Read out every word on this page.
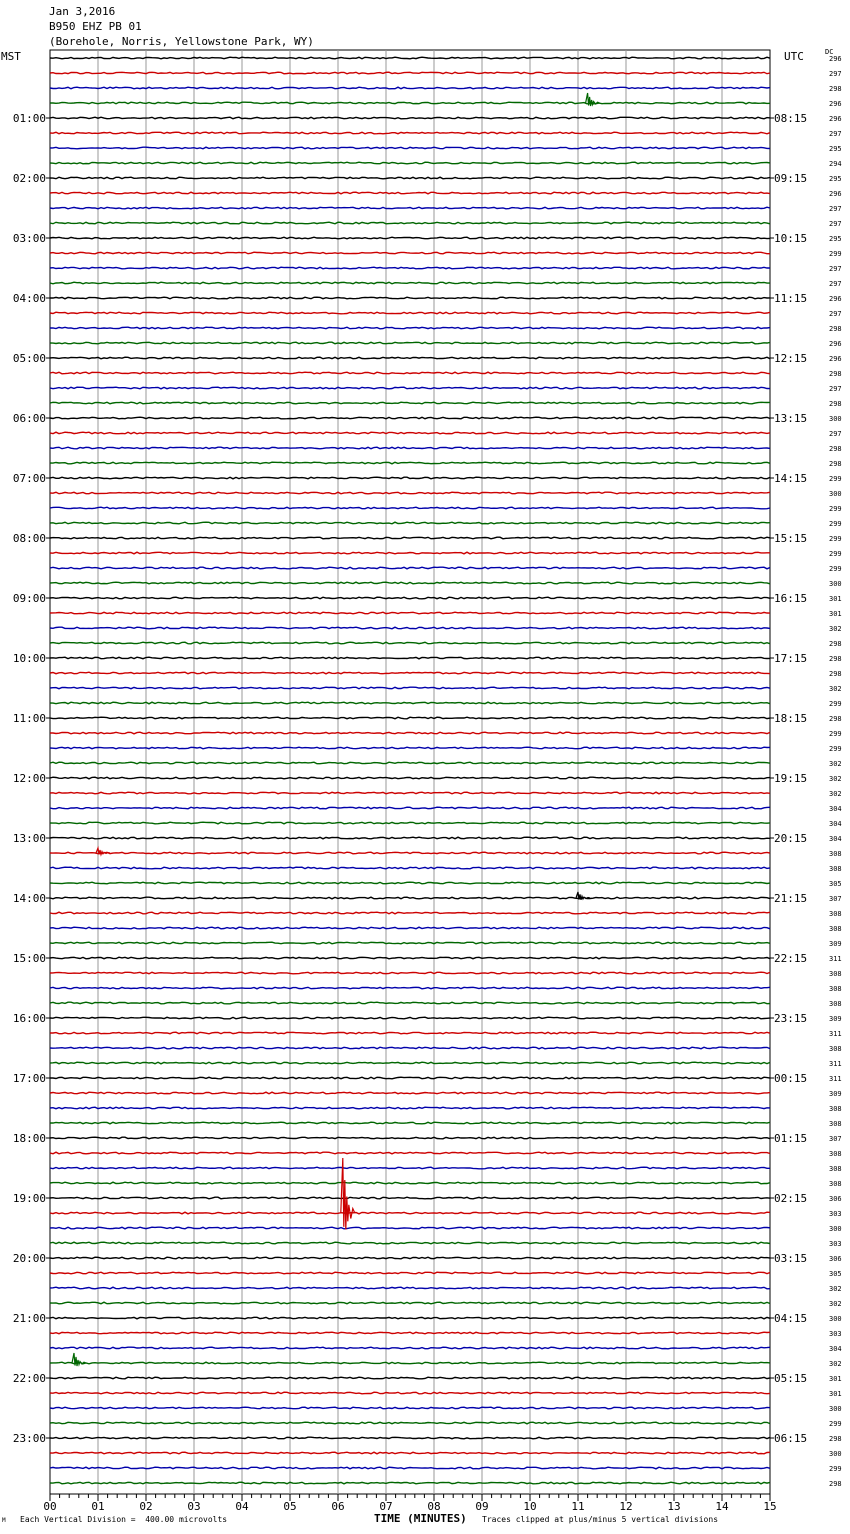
Jan 3,2016
B950 EHZ PB 01
(Borehole, Norris, Yellowstone Park, WY)
MST	UTC	DC
296
297
298
296
296
297
295
294
295
296
297
297
295
299
297
297
296
297
298
296
296
298
297
298
300
297
298
298
299
300
299
299
299
299
299
300
301
301
302
298
298
298
302
299
298
299
299
302
302
302
304
304
304
308
308
305
307
308
308
309
311
308
308
308
309
311
308
311
311
309
308
308
307
308
308
308
306
303
300
303
306
305
302
302
300
303
304
302
301
301
300
299
298
300
299
298
01:00
02:00
03:00
04:00
05:00
06:00
07:00
08:00
09:00
10:00
11:00
12:00
13:00
14:00
15:00
16:00
17:00
18:00
19:00
20:00
21:00
22:00
23:00
08:15
09:15
10:15
11:15
12:15
13:15
14:15
15:15
16:15
17:15
18:15
19:15
20:15
21:15
22:15
23:15
00:15
01:15
02:15
03:15
04:15
05:15
06:15
00	01	02	03	04	05	06	07	08	09	10	11	12	13	14	15
TIME (MINUTES)
Each Vertical Division =  400.00 microvolts	Traces clipped at plus/minus 5 vertical divisions
M
